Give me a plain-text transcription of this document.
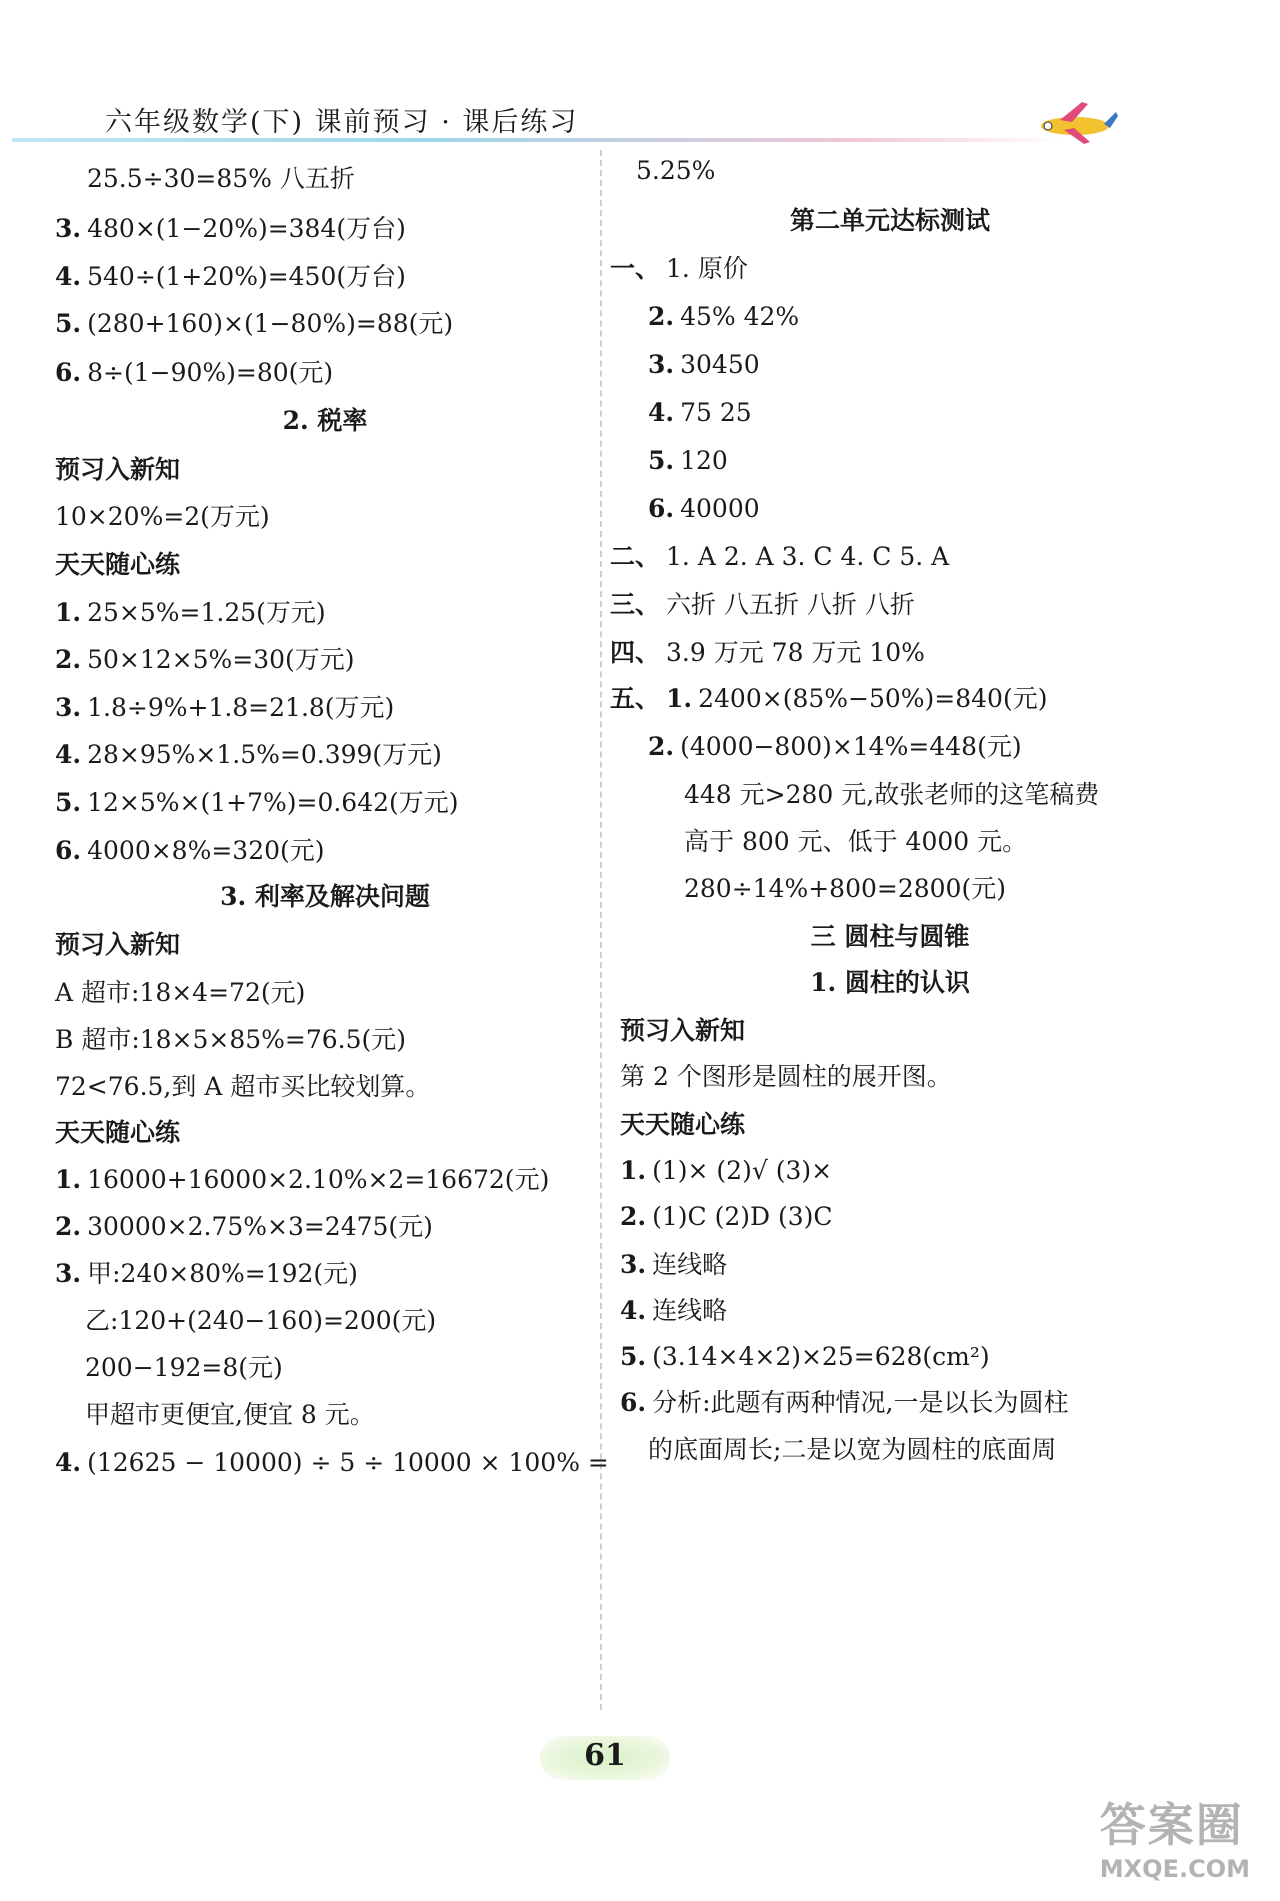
六年级数学(下) 课前预习 · 课后练习
25.5÷30=85% 八五折
3. 480×(1−20%)=384(万台)
4. 540÷(1+20%)=450(万台)
5. (280+160)×(1−80%)=88(元)
6. 8÷(1−90%)=80(元)
2. 税率
预习入新知
10×20%=2(万元)
天天随心练
1. 25×5%=1.25(万元)
2. 50×12×5%=30(万元)
3. 1.8÷9%+1.8=21.8(万元)
4. 28×95%×1.5%=0.399(万元)
5. 12×5%×(1+7%)=0.642(万元)
6. 4000×8%=320(元)
3. 利率及解决问题
预习入新知
A 超市:18×4=72(元)
B 超市:18×5×85%=76.5(元)
72<76.5,到 A 超市买比较划算。
天天随心练
1. 16000+16000×2.10%×2=16672(元)
2. 30000×2.75%×3=2475(元)
3. 甲:240×80%=192(元)
乙:120+(240−160)=200(元)
200−192=8(元)
甲超市更便宜,便宜 8 元。
4. (12625 − 10000) ÷ 5 ÷ 10000 × 100% =
5.25%
第二单元达标测试
一、 1. 原价
2. 45% 42%
3. 30450
4. 75 25
5. 120
6. 40000
二、 1. A 2. A 3. C 4. C 5. A
三、 六折 八五折 八折 八折
四、 3.9 万元 78 万元 10%
五、 1. 2400×(85%−50%)=840(元)
2. (4000−800)×14%=448(元)
448 元>280 元,故张老师的这笔稿费
高于 800 元、低于 4000 元。
280÷14%+800=2800(元)
三 圆柱与圆锥
1. 圆柱的认识
预习入新知
第 2 个图形是圆柱的展开图。
天天随心练
1. (1)× (2)√ (3)×
2. (1)C (2)D (3)C
3. 连线略
4. 连线略
5. (3.14×4×2)×25=628(cm²)
6. 分析:此题有两种情况,一是以长为圆柱
的底面周长;二是以宽为圆柱的底面周
61
答案圈
MXQE.COM
